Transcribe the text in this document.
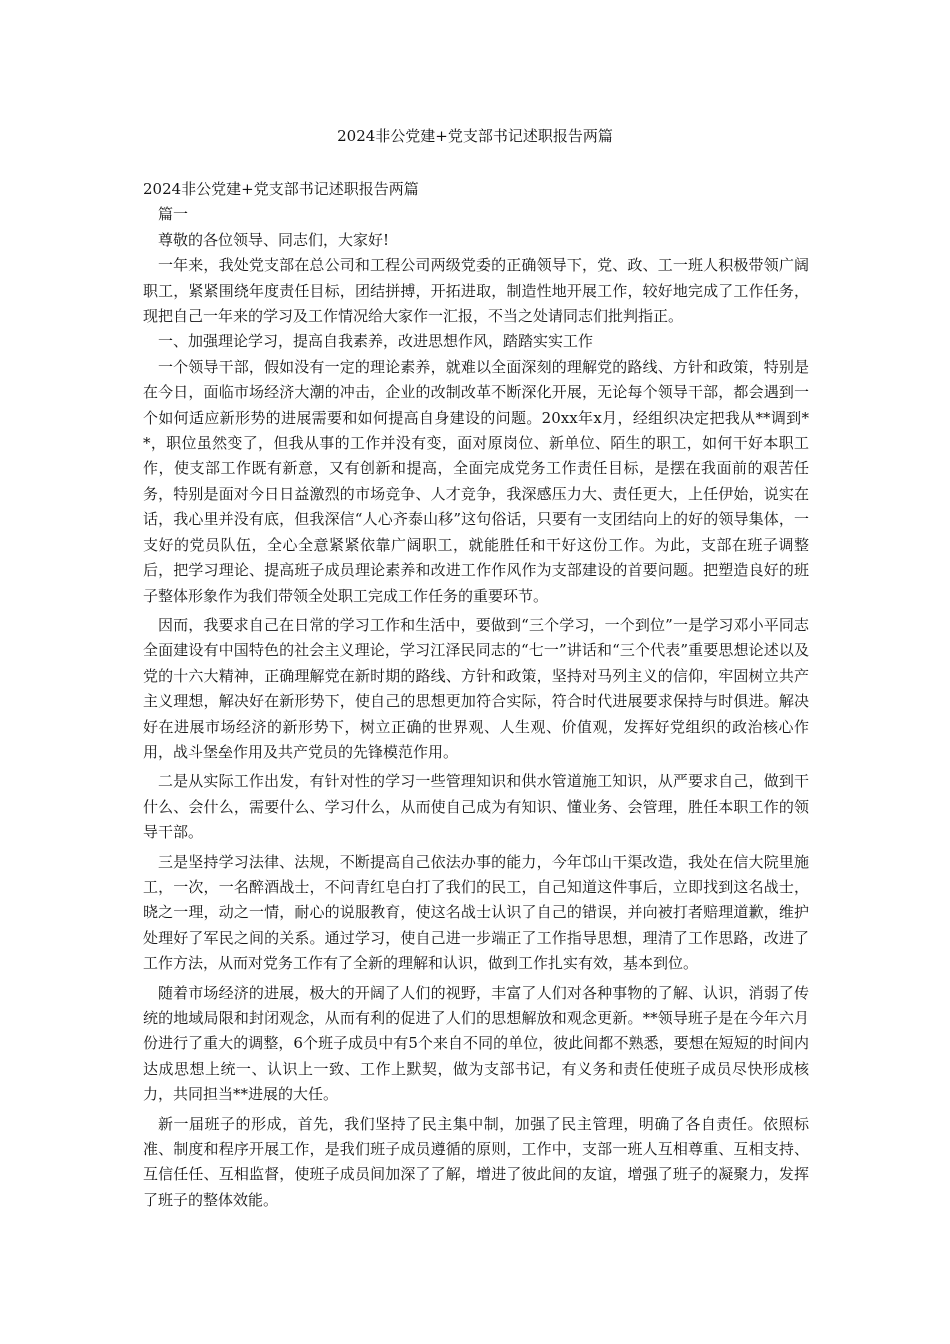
2024非公党建+党支部书记述职报告两篇

2024非公党建+党支部书记述职报告两篇

篇一

尊敬的各位领导、同志们，大家好!

一年来，我处党支部在总公司和工程公司两级党委的正确领导下，党、政、工一班人积极带领广阔职工，紧紧围绕年度责任目标，团结拼搏，开拓进取，制造性地开展工作，较好地完成了工作任务，现把自己一年来的学习及工作情况给大家作一汇报，不当之处请同志们批判指正。

一、加强理论学习，提高自我素养，改进思想作风，踏踏实实工作

一个领导干部，假如没有一定的理论素养，就难以全面深刻的理解党的路线、方针和政策，特别是在今日，面临市场经济大潮的冲击，企业的改制改革不断深化开展，无论每个领导干部，都会遇到一个如何适应新形势的进展需要和如何提高自身建设的问题。20xx年x月，经组织决定把我从**调到**，职位虽然变了，但我从事的工作并没有变，面对原岗位、新单位、陌生的职工，如何干好本职工作，使支部工作既有新意，又有创新和提高，全面完成党务工作责任目标，是摆在我面前的艰苦任务，特别是面对今日日益激烈的市场竞争、人才竞争，我深感压力大、责任更大，上任伊始，说实在话，我心里并没有底，但我深信“人心齐泰山移”这句俗话，只要有一支团结向上的好的领导集体，一支好的党员队伍，全心全意紧紧依靠广阔职工，就能胜任和干好这份工作。为此，支部在班子调整后，把学习理论、提高班子成员理论素养和改进工作作风作为支部建设的首要问题。把塑造良好的班子整体形象作为我们带领全处职工完成工作任务的重要环节。

因而，我要求自己在日常的学习工作和生活中，要做到“三个学习，一个到位”一是学习邓小平同志全面建设有中国特色的社会主义理论，学习江泽民同志的“七一”讲话和“三个代表”重要思想论述以及党的十六大精神，正确理解党在新时期的路线、方针和政策，坚持对马列主义的信仰，牢固树立共产主义理想，解决好在新形势下，使自己的思想更加符合实际，符合时代进展要求保持与时俱进。解决好在进展市场经济的新形势下，树立正确的世界观、人生观、价值观，发挥好党组织的政治核心作用，战斗堡垒作用及共产党员的先锋模范作用。

二是从实际工作出发，有针对性的学习一些管理知识和供水管道施工知识，从严要求自己，做到干什么、会什么，需要什么、学习什么，从而使自己成为有知识、懂业务、会管理，胜任本职工作的领导干部。

三是坚持学习法律、法规，不断提高自己依法办事的能力，今年邙山干渠改造，我处在信大院里施工，一次，一名醉酒战士，不问青红皂白打了我们的民工，自己知道这件事后，立即找到这名战士，晓之一理，动之一情，耐心的说服教育，使这名战士认识了自己的错误，并向被打者赔理道歉，维护处理好了军民之间的关系。通过学习，使自己进一步端正了工作指导思想，理清了工作思路，改进了工作方法，从而对党务工作有了全新的理解和认识，做到工作扎实有效，基本到位。

随着市场经济的进展，极大的开阔了人们的视野，丰富了人们对各种事物的了解、认识，消弱了传统的地域局限和封闭观念，从而有利的促进了人们的思想解放和观念更新。**领导班子是在今年六月份进行了重大的调整，6个班子成员中有5个来自不同的单位，彼此间都不熟悉，要想在短短的时间内达成思想上统一、认识上一致、工作上默契，做为支部书记，有义务和责任使班子成员尽快形成核力，共同担当**进展的大任。

新一届班子的形成，首先，我们坚持了民主集中制，加强了民主管理，明确了各自责任。依照标准、制度和程序开展工作，是我们班子成员遵循的原则，工作中，支部一班人互相尊重、互相支持、互信任任、互相监督，使班子成员间加深了了解，增进了彼此间的友谊，增强了班子的凝聚力，发挥了班子的整体效能。
